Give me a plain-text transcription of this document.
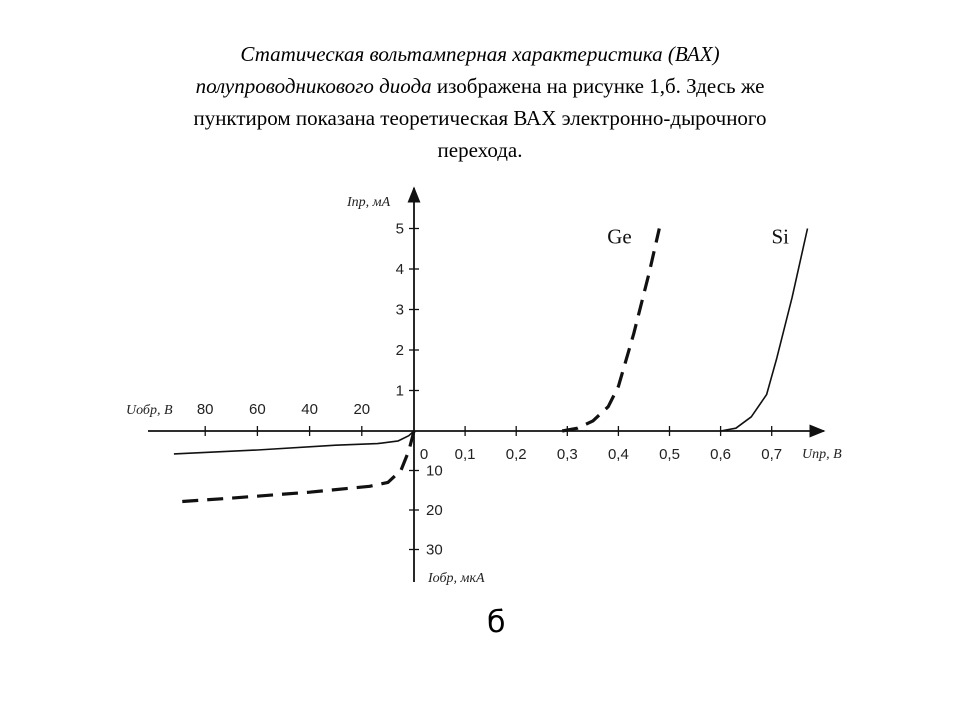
Статическая вольтамперная характеристика (ВАХ)
полупроводникового диода изображена на рисунке 1,б. Здесь же
пунктиром показана теоретическая ВАХ электронно-дырочного
перехода.
0 0,1 0,2 0,3 0,4 0,5 0,6 0,7
1
2
3
4
5
20
40
60
80
10
20
30
Iпр, мА
Uпр, В
Uобр, В
Iобр, мкА
Ge	Si
б
